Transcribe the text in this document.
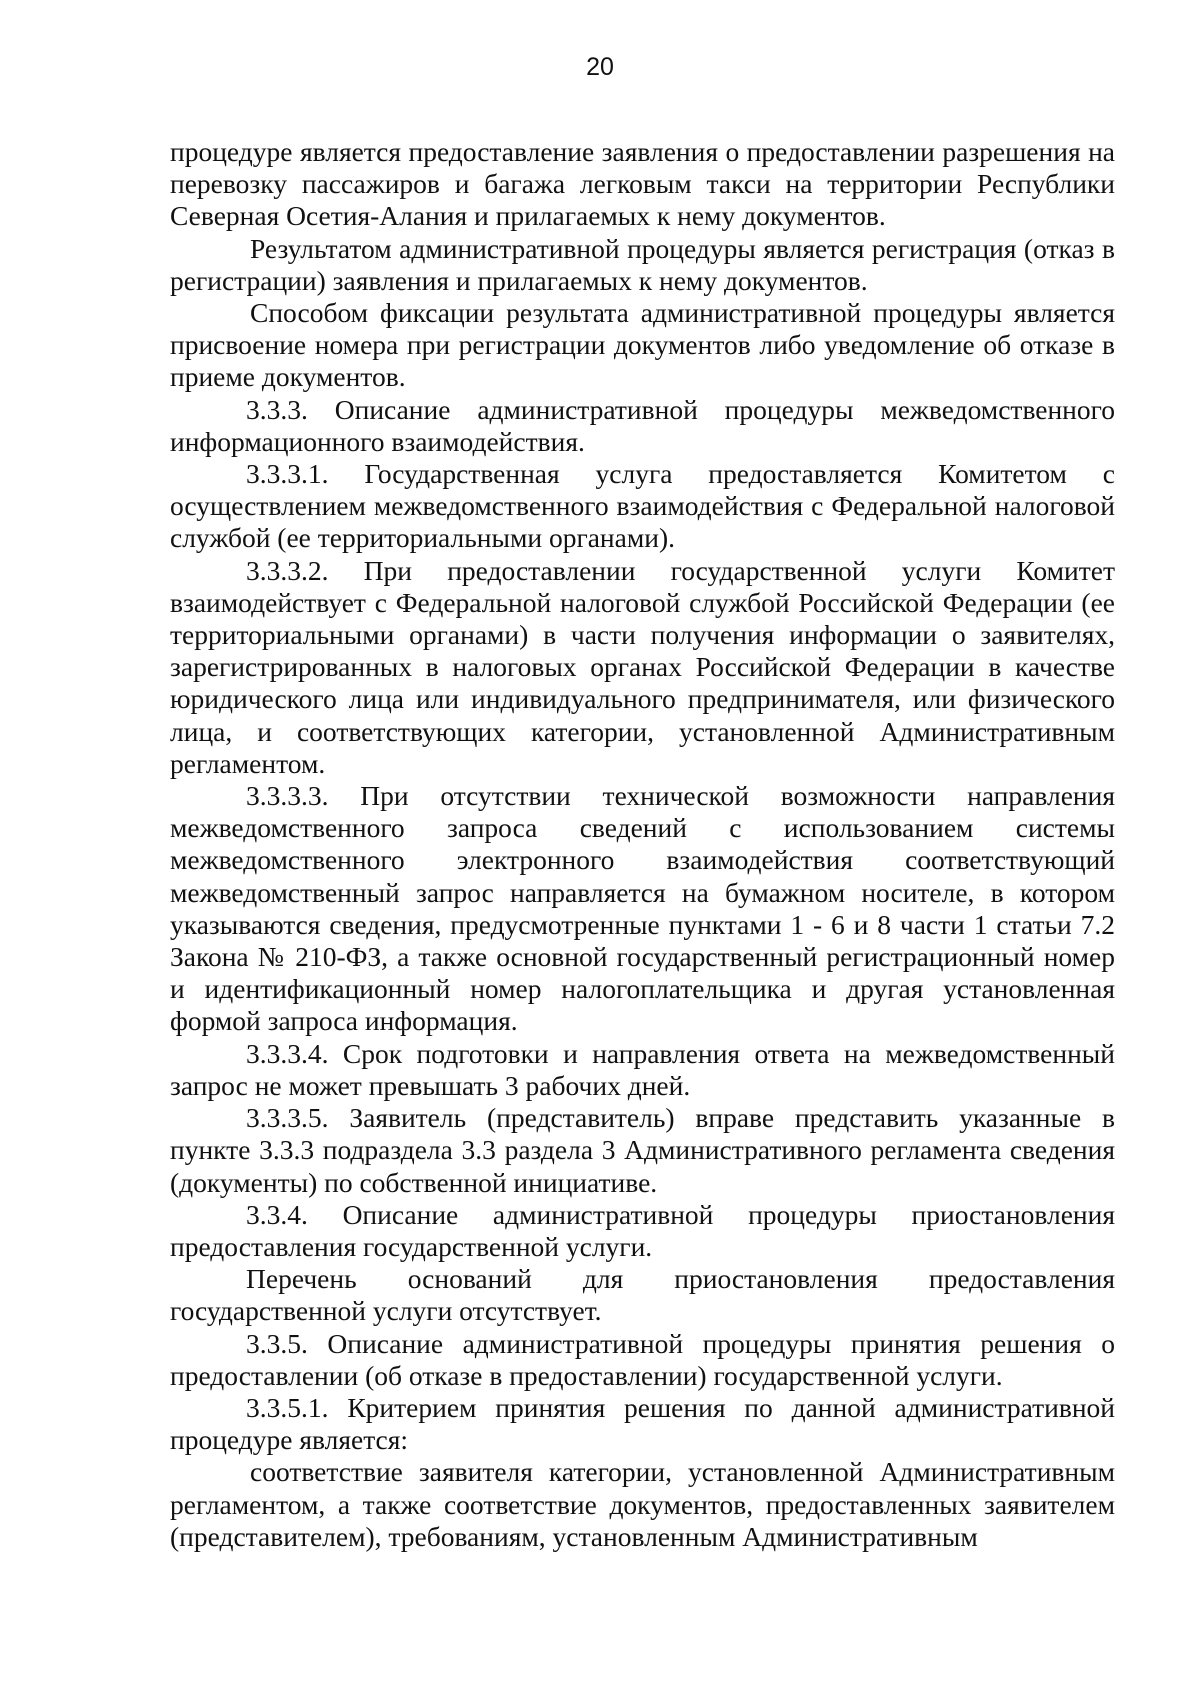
20

процедуре является предоставление заявления о предоставлении разрешения на перевозку пассажиров и багажа легковым такси на территории Республики Северная Осетия-Алания и прилагаемых к нему документов.

Результатом административной процедуры является регистрация (отказ в регистрации) заявления и прилагаемых к нему документов.

Способом фиксации результата административной процедуры является присвоение номера при регистрации документов либо уведомление об отказе в приеме документов.

3.3.3. Описание административной процедуры межведомственного информационного взаимодействия.

3.3.3.1. Государственная услуга предоставляется Комитетом с осуществлением межведомственного взаимодействия с Федеральной налоговой службой (ее территориальными органами).

3.3.3.2. При предоставлении государственной услуги Комитет взаимодействует с Федеральной налоговой службой Российской Федерации (ее территориальными органами) в части получения информации о заявителях, зарегистрированных в налоговых органах Российской Федерации в качестве юридического лица или индивидуального предпринимателя, или физического лица, и соответствующих категории, установленной Административным регламентом.

3.3.3.3. При отсутствии технической возможности направления межведомственного запроса сведений с использованием системы межведомственного электронного взаимодействия соответствующий межведомственный запрос направляется на бумажном носителе, в котором указываются сведения, предусмотренные пунктами 1 - 6 и 8 части 1 статьи 7.2 Закона № 210-ФЗ, а также основной государственный регистрационный номер и идентификационный номер налогоплательщика и другая установленная формой запроса информация.

3.3.3.4. Срок подготовки и направления ответа на межведомственный запрос не может превышать 3 рабочих дней.

3.3.3.5. Заявитель (представитель) вправе представить указанные в пункте 3.3.3 подраздела 3.3 раздела 3 Административного регламента сведения (документы) по собственной инициативе.

3.3.4. Описание административной процедуры приостановления предоставления государственной услуги.

Перечень оснований для приостановления предоставления государственной услуги отсутствует.

3.3.5. Описание административной процедуры принятия решения о предоставлении (об отказе в предоставлении) государственной услуги.

3.3.5.1. Критерием принятия решения по данной административной процедуре является:

соответствие заявителя категории, установленной Административным регламентом, а также соответствие документов, предоставленных заявителем (представителем), требованиям, установленным Административным
